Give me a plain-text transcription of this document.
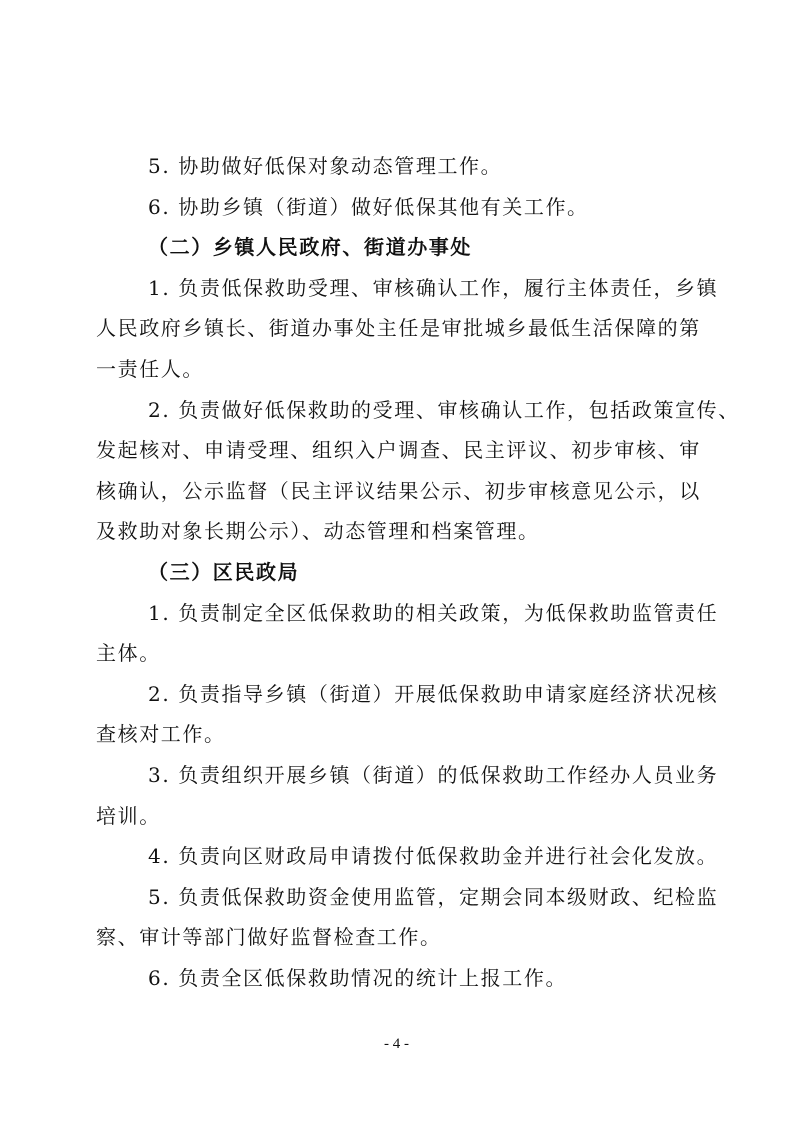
5. 协助做好低保对象动态管理工作。
6. 协助乡镇（街道）做好低保其他有关工作。
（二）乡镇人民政府、街道办事处
1. 负责低保救助受理、审核确认工作，履行主体责任，乡镇
人民政府乡镇长、街道办事处主任是审批城乡最低生活保障的第
一责任人。
2. 负责做好低保救助的受理、审核确认工作，包括政策宣传、
发起核对、申请受理、组织入户调查、民主评议、初步审核、审
核确认，公示监督（民主评议结果公示、初步审核意见公示，以
及救助对象长期公示）、动态管理和档案管理。
（三）区民政局
1. 负责制定全区低保救助的相关政策，为低保救助监管责任
主体。
2. 负责指导乡镇（街道）开展低保救助申请家庭经济状况核
查核对工作。
3. 负责组织开展乡镇（街道）的低保救助工作经办人员业务
培训。
4. 负责向区财政局申请拨付低保救助金并进行社会化发放。
5. 负责低保救助资金使用监管，定期会同本级财政、纪检监
察、审计等部门做好监督检查工作。
- 4 -
6. 负责全区低保救助情况的统计上报工作。
